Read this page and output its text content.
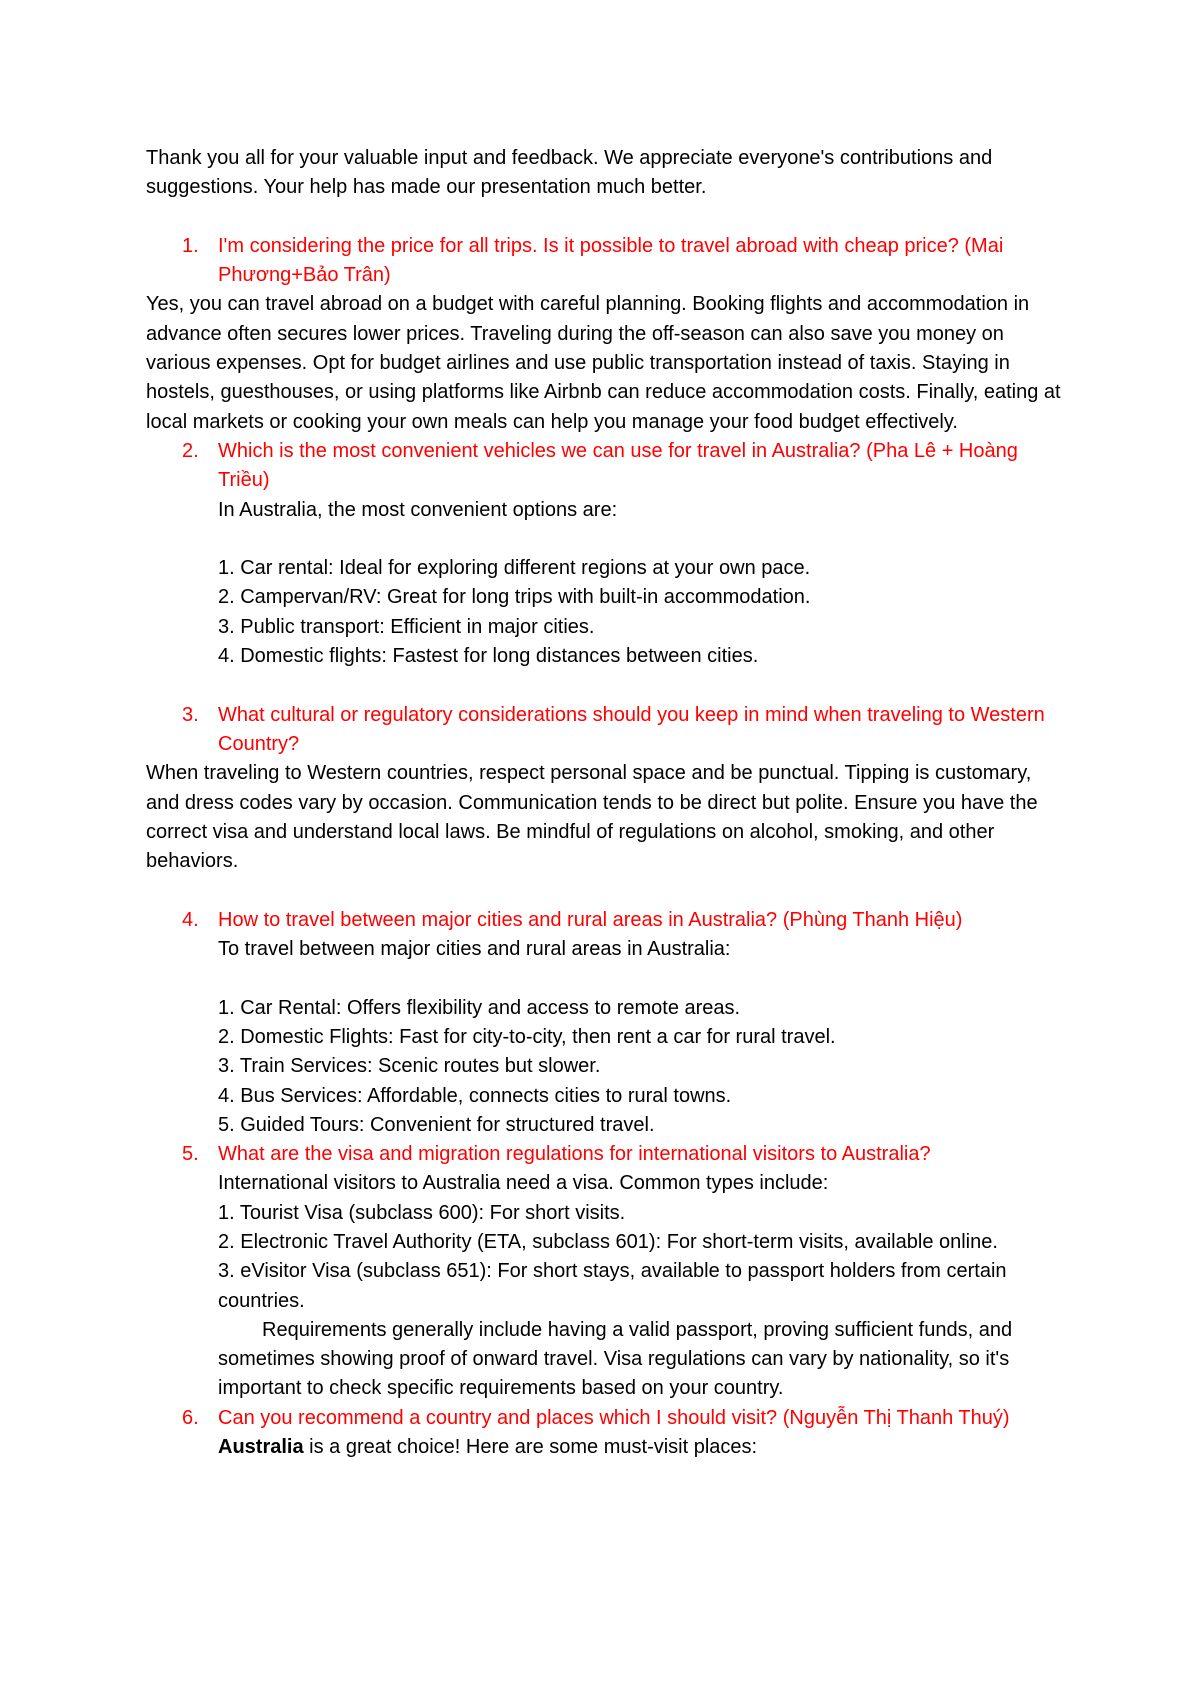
Thank you all for your valuable input and feedback. We appreciate everyone's contributions and suggestions. Your help has made our presentation much better.

1. I'm considering the price for all trips. Is it possible to travel abroad with cheap price? (Mai Phương+Bảo Trân)

Yes, you can travel abroad on a budget with careful planning. Booking flights and accommodation in advance often secures lower prices. Traveling during the off-season can also save you money on various expenses. Opt for budget airlines and use public transportation instead of taxis. Staying in hostels, guesthouses, or using platforms like Airbnb can reduce accommodation costs. Finally, eating at local markets or cooking your own meals can help you manage your food budget effectively.

2. Which is the most convenient vehicles we can use for travel in Australia? (Pha Lê + Hoàng Triều)

In Australia, the most convenient options are:

1. Car rental: Ideal for exploring different regions at your own pace.

2. Campervan/RV: Great for long trips with built-in accommodation.

3. Public transport: Efficient in major cities.

4. Domestic flights: Fastest for long distances between cities.

3. What cultural or regulatory considerations should you keep in mind when traveling to Western Country?

When traveling to Western countries, respect personal space and be punctual. Tipping is customary, and dress codes vary by occasion. Communication tends to be direct but polite. Ensure you have the correct visa and understand local laws. Be mindful of regulations on alcohol, smoking, and other behaviors.

4. How to travel between major cities and rural areas in Australia? (Phùng Thanh Hiệu)

To travel between major cities and rural areas in Australia:

1. Car Rental: Offers flexibility and access to remote areas.

2. Domestic Flights: Fast for city-to-city, then rent a car for rural travel.

3. Train Services: Scenic routes but slower.

4. Bus Services: Affordable, connects cities to rural towns.

5. Guided Tours: Convenient for structured travel.

5. What are the visa and migration regulations for international visitors to Australia?

International visitors to Australia need a visa. Common types include:

1. Tourist Visa (subclass 600): For short visits.

2. Electronic Travel Authority (ETA, subclass 601): For short-term visits, available online.

3. eVisitor Visa (subclass 651): For short stays, available to passport holders from certain countries.

Requirements generally include having a valid passport, proving sufficient funds, and sometimes showing proof of onward travel. Visa regulations can vary by nationality, so it's important to check specific requirements based on your country.

6. Can you recommend a country and places which I should visit? (Nguyễn Thị Thanh Thuý)

Australia is a great choice! Here are some must-visit places:
